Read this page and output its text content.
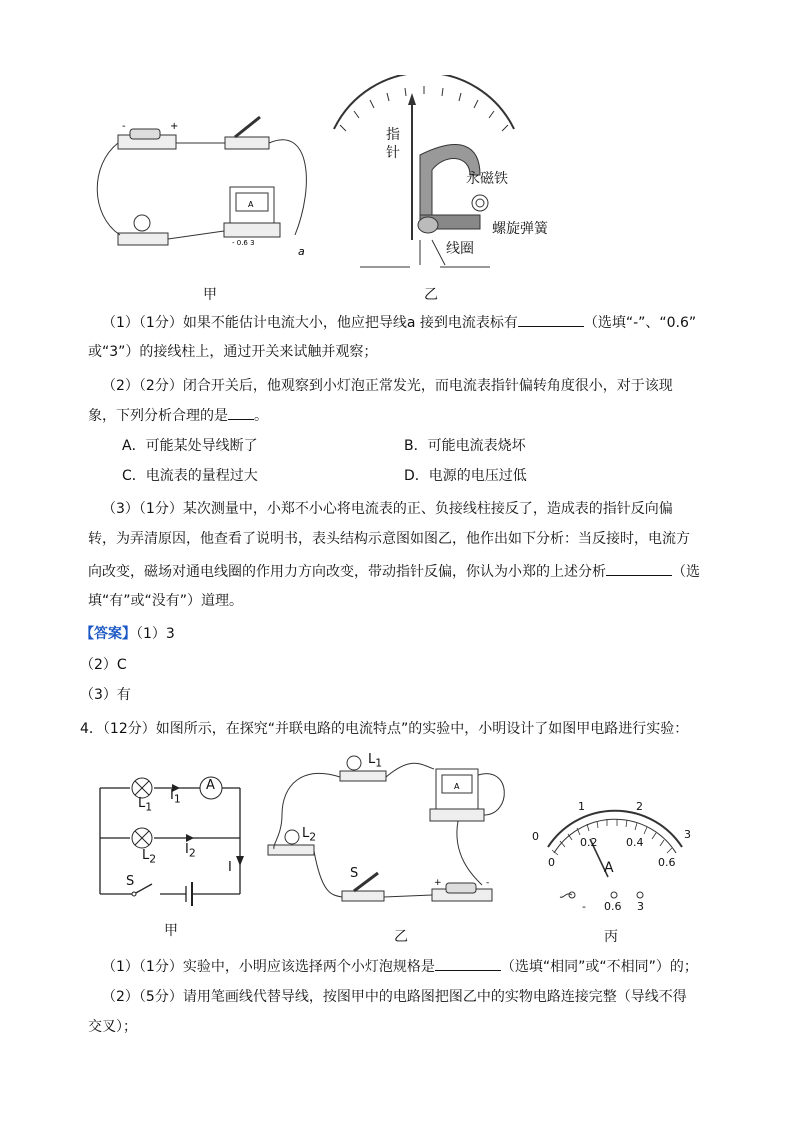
-	+
A
- 0.6 3
a
甲
指
针
永磁铁
螺旋弹簧
线圈
乙
（1）（1分）如果不能估计电流大小，他应把导线a 接到电流表标有	（选填“-”、“0.6”
或“3”）的接线柱上，通过开关来试触并观察；
（2）（2分）闭合开关后，他观察到小灯泡正常发光，而电流表指针偏转角度很小，对于该现
象，下列分析合理的是 。
A．可能某处导线断了	B．可能电流表烧坏
C．电流表的量程过大	D．电源的电压过低
（3）（1分）某次测量中，小郑不小心将电流表的正、负接线柱接反了，造成表的指针反向偏
转，为弄清原因，他查看了说明书，表头结构示意图如图乙，他作出如下分析：当反接时，电流方
向改变，磁场对通电线圈的作用力方向改变，带动指针反偏，你认为小郑的上述分析	（选
填“有”或“没有”）道理。
【答案】（1）3
（2）C
（3）有
4．（12分）如图所示，在探究“并联电路的电流特点”的实验中，小明设计了如图甲电路进行实验：
A
$L_1$
$I_1$
$L_2$
$I_2$
I
S
甲
A
+	-
$L_1$
$L_2$
S
乙
0
1	2
3
0
0.2	0.4
0.6
A
- 0.6 3
丙
（1）（1分）实验中，小明应该选择两个小灯泡规格是	（选填“相同”或“不相同”）的；
（2）（5分）请用笔画线代替导线，按图甲中的电路图把图乙中的实物电路连接完整（导线不得
交叉）；
